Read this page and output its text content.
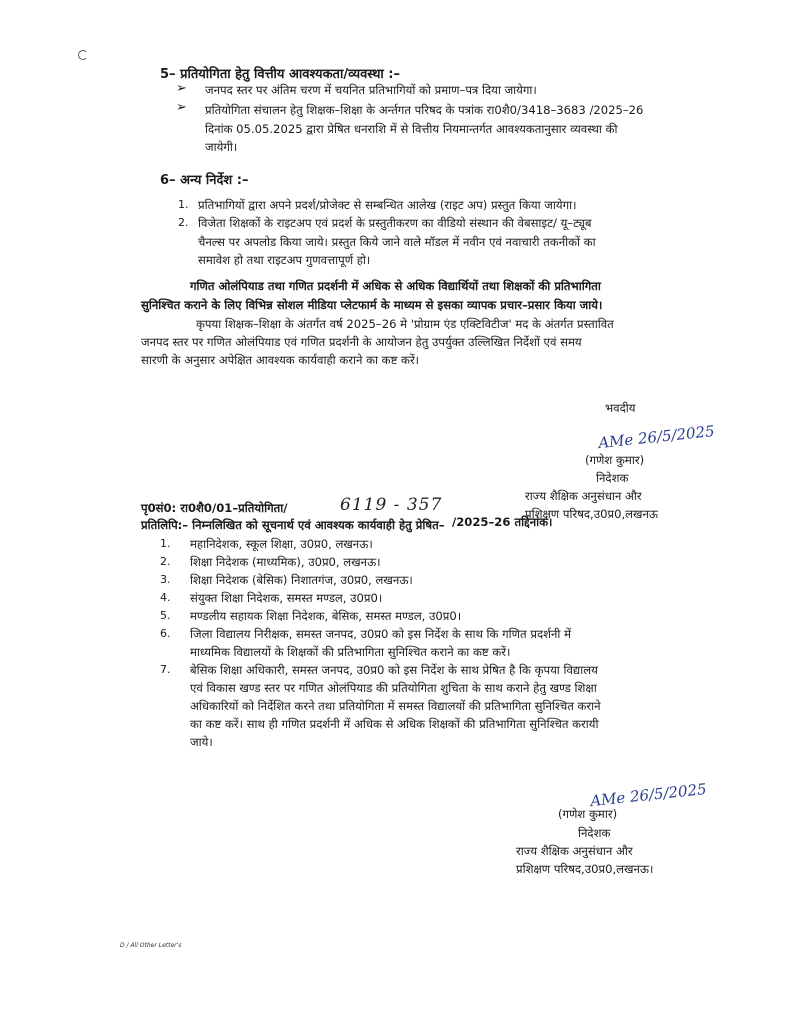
5– प्रतियोगिता हेतु वित्तीय आवश्यकता/व्यवस्था :–
➢ जनपद स्तर पर अंतिम चरण में चयनित प्रतिभागियों को प्रमाण–पत्र दिया जायेगा।
➢ प्रतियोगिता संचालन हेतु शिक्षक–शिक्षा के अर्न्तगत परिषद के पत्रांक रा0शै0/3418–3683 /2025–26
दिनांक 05.05.2025 द्वारा प्रेषित धनराशि में से वित्तीय नियमान्तर्गत आवश्यकतानुसार व्यवस्था की
जायेगी।
6– अन्य निर्देश :–
1. प्रतिभागियों द्वारा अपने प्रदर्श/प्रोजेक्ट से सम्बन्धित आलेख (राइट अप) प्रस्तुत किया जायेगा।
2. विजेता शिक्षकों के राइटअप एवं प्रदर्श के प्रस्तुतीकरण का वीडियो संस्थान की वेबसाइट/ यू–ट्यूब
चैनल्स पर अपलोड किया जाये। प्रस्तुत किये जाने वाले मॉडल में नवीन एवं नवाचारी तकनीकों का
समावेश हो तथा राइटअप गुणवत्तापूर्ण हो।
गणित ओलंपियाड तथा गणित प्रदर्शनी में अधिक से अधिक विद्यार्थियों तथा शिक्षकों की प्रतिभागिता
सुनिश्चित कराने के लिए विभिन्न सोशल मीडिया प्लेटफार्म के माध्यम से इसका व्यापक प्रचार–प्रसार किया जाये।
कृपया शिक्षक–शिक्षा के अंतर्गत वर्ष 2025–26 मे 'प्रोग्राम एंड एक्टिविटीज' मद के अंतर्गत प्रस्तावित
जनपद स्तर पर गणित ओलंपियाड एवं गणित प्रदर्शनी के आयोजन हेतु उपर्युक्त उल्लिखित निर्देशों एवं समय
सारणी के अनुसार अपेक्षित आवश्यक कार्यवाही कराने का कष्ट करें।
भवदीय
AMe 26/5/2025
(गणेश कुमार)
निदेशक
राज्य शैक्षिक अनुसंधान और
प्रशिक्षण परिषद,उ0प्र0,लखनऊ
पृ0सं0: रा0शै0/01–प्रतियोगिता/	6119 - 357
/2025–26 तद्दिनांक।
प्रतिलिपि:– निम्नलिखित को सूचनार्थ एवं आवश्यक कार्यवाही हेतु प्रेषित–
1. महानिदेशक, स्कूल शिक्षा, उ0प्र0, लखनऊ।
2. शिक्षा निदेशक (माध्यमिक), उ0प्र0, लखनऊ।
3. शिक्षा निदेशक (बेसिक) निशातगंज, उ0प्र0, लखनऊ।
4. संयुक्त शिक्षा निदेशक, समस्त मण्डल, उ0प्र0।
5. मण्डलीय सहायक शिक्षा निदेशक, बेसिक, समस्त मण्डल, उ0प्र0।
6. जिला विद्यालय निरीक्षक, समस्त जनपद, उ0प्र0 को इस निर्देश के साथ कि गणित प्रदर्शनी में
माध्यमिक विद्यालयों के शिक्षकों की प्रतिभागिता सुनिश्चित कराने का कष्ट करें।
7. बेसिक शिक्षा अधिकारी, समस्त जनपद, उ0प्र0 को इस निर्देश के साथ प्रेषित है कि कृपया विद्यालय
एवं विकास खण्ड स्तर पर गणित ओलंपियाड की प्रतियोगिता शुचिता के साथ कराने हेतु खण्ड शिक्षा
अधिकारियों को निर्देशित करने तथा प्रतियोगिता में समस्त विद्यालयों की प्रतिभागिता सुनिश्चित कराने
का कष्ट करें। साथ ही गणित प्रदर्शनी में अधिक से अधिक शिक्षकों की प्रतिभागिता सुनिश्चित करायी
जाये।
AMe 26/5/2025
(गणेश कुमार)
निदेशक
राज्य शैक्षिक अनुसंधान और
प्रशिक्षण परिषद,उ0प्र0,लखनऊ।
D / All Other Letter's
